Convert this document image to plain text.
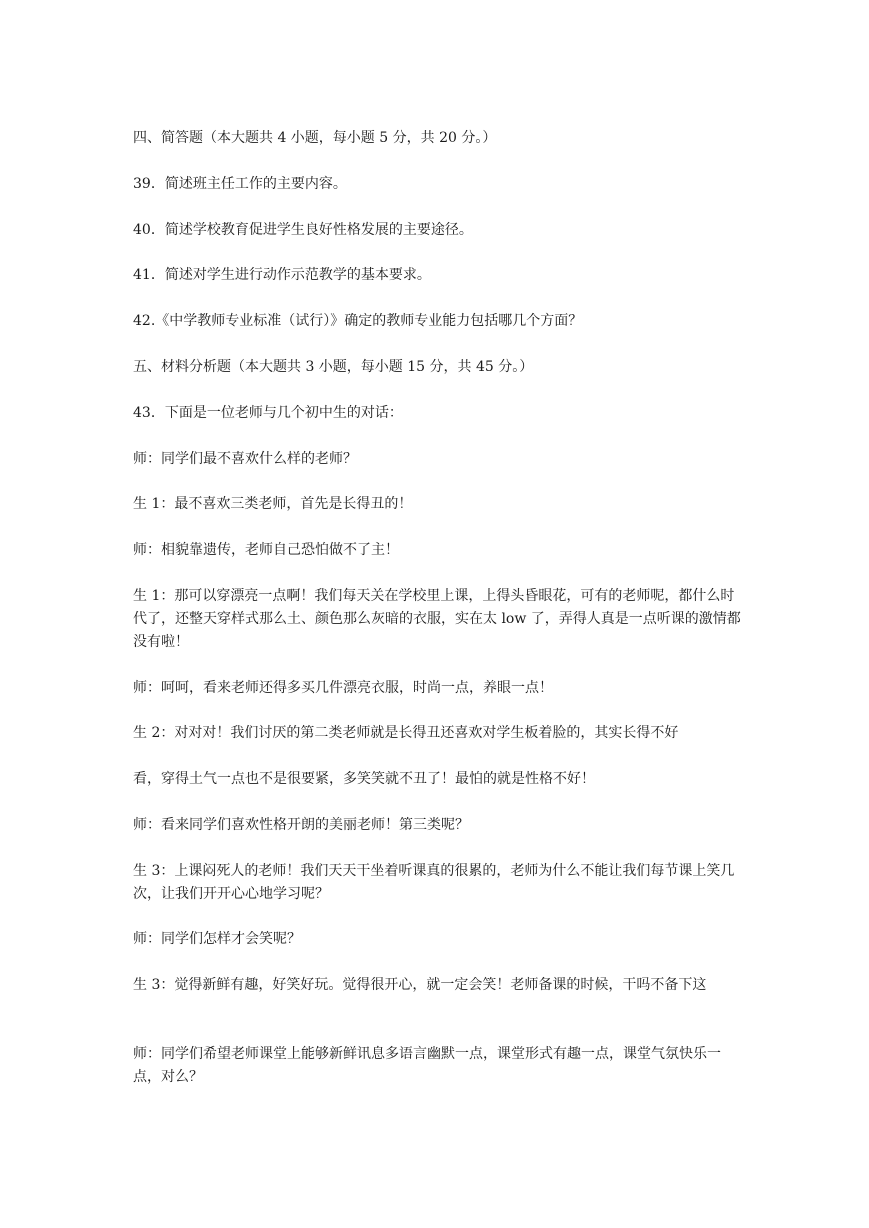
四、简答题（本大题共 4 小题，每小题 5 分，共 20 分。）

39．简述班主任工作的主要内容。

40．简述学校教育促进学生良好性格发展的主要途径。

41．简述对学生进行动作示范教学的基本要求。

42.《中学教师专业标准（试行）》确定的教师专业能力包括哪几个方面？

五、材料分析题（本大题共 3 小题，每小题 15 分，共 45 分。）

43．下面是一位老师与几个初中生的对话：

师：同学们最不喜欢什么样的老师？

生 1：最不喜欢三类老师，首先是长得丑的！

师：相貌靠遗传，老师自己恐怕做不了主！

生 1：那可以穿漂亮一点啊！我们每天关在学校里上课，上得头昏眼花，可有的老师呢，都什么时代了，还整天穿样式那么土、颜色那么灰暗的衣服，实在太 low 了，弄得人真是一点听课的激情都没有啦！

师：呵呵，看来老师还得多买几件漂亮衣服，时尚一点，养眼一点！

生 2：对对对！我们讨厌的第二类老师就是长得丑还喜欢对学生板着脸的，其实长得不好

看，穿得土气一点也不是很要紧，多笑笑就不丑了！最怕的就是性格不好！

师：看来同学们喜欢性格开朗的美丽老师！第三类呢？

生 3：上课闷死人的老师！我们天天干坐着听课真的很累的，老师为什么不能让我们每节课上笑几次，让我们开开心心地学习呢？

师：同学们怎样才会笑呢？

生 3：觉得新鲜有趣，好笑好玩。觉得很开心，就一定会笑！老师备课的时候，干吗不备下这

师：同学们希望老师课堂上能够新鲜讯息多语言幽默一点，课堂形式有趣一点，课堂气氛快乐一点，对么？
